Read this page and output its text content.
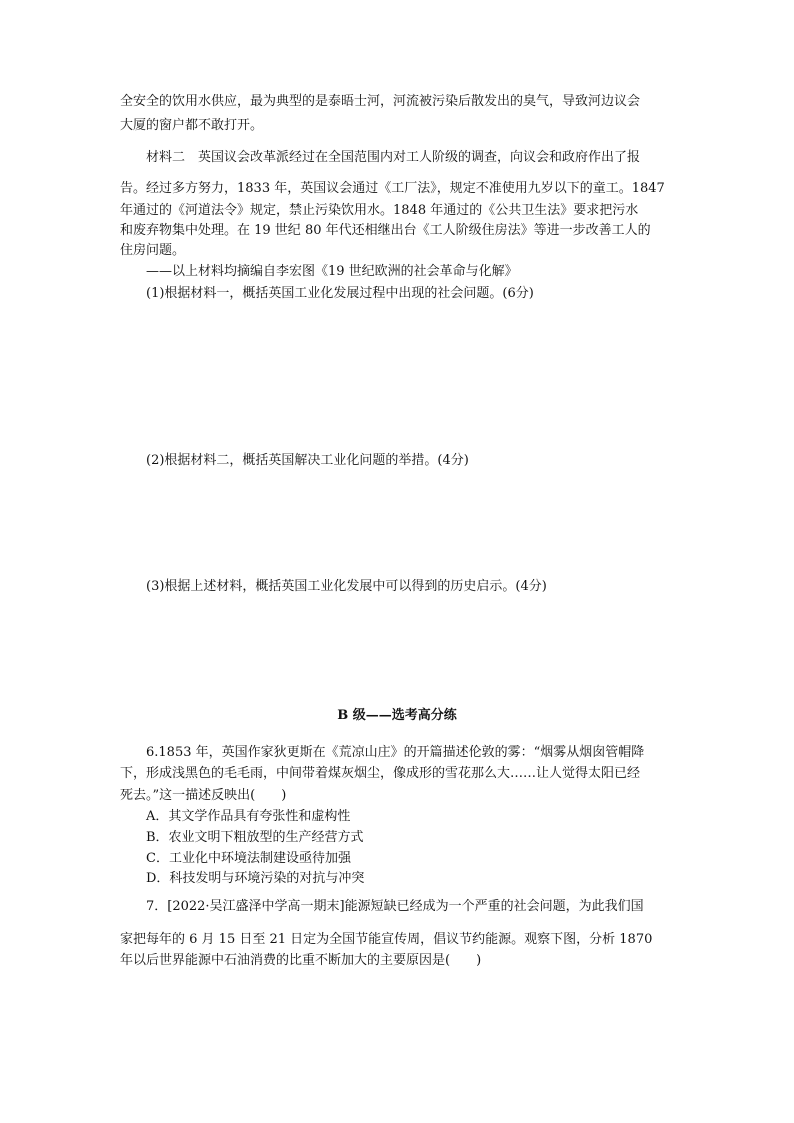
全安全的饮用水供应，最为典型的是泰晤士河，河流被污染后散发出的臭气，导致河边议会
大厦的窗户都不敢打开。
材料二　英国议会改革派经过在全国范围内对工人阶级的调查，向议会和政府作出了报
告。经过多方努力，1833 年，英国议会通过《工厂法》，规定不准使用九岁以下的童工。1847
年通过的《河道法令》规定，禁止污染饮用水。1848 年通过的《公共卫生法》要求把污水
和废弃物集中处理。在 19 世纪 80 年代还相继出台《工人阶级住房法》等进一步改善工人的
住房问题。
——以上材料均摘编自李宏图《19 世纪欧洲的社会革命与化解》
(1)根据材料一，概括英国工业化发展过程中出现的社会问题。(6分)
(2)根据材料二，概括英国解决工业化问题的举措。(4分)
(3)根据上述材料，概括英国工业化发展中可以得到的历史启示。(4分)
B 级——选考高分练
6.1853 年，英国作家狄更斯在《荒凉山庄》的开篇描述伦敦的雾：“烟雾从烟囱管帽降
下，形成浅黑色的毛毛雨，中间带着煤灰烟尘，像成形的雪花那么大……让人觉得太阳已经
死去。”这一描述反映出(　　)
A．其文学作品具有夸张性和虚构性
B．农业文明下粗放型的生产经营方式
C．工业化中环境法制建设亟待加强
D．科技发明与环境污染的对抗与冲突
7．[2022·吴江盛泽中学高一期末]能源短缺已经成为一个严重的社会问题，为此我们国
家把每年的 6 月 15 日至 21 日定为全国节能宣传周，倡议节约能源。观察下图，分析 1870
年以后世界能源中石油消费的比重不断加大的主要原因是(　　)
